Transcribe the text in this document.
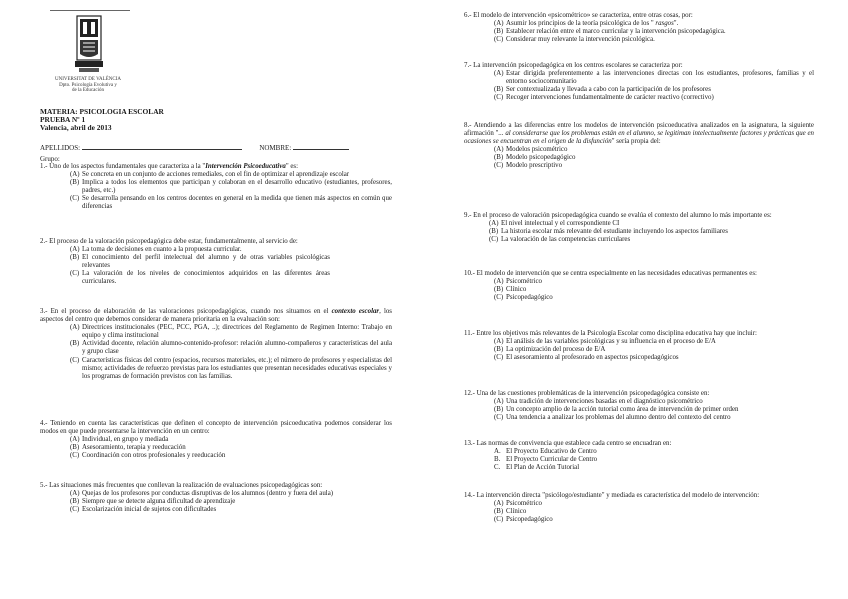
UNIVERSITAT DE VALÈNCIA
Dpto. Psicología Evolutiva y
de la Educación
MATERIA: PSICOLOGIA ESCOLAR
PRUEBA Nº 1
Valencia, abril de 2013
APELLIDOS:	NOMBRE:
Grupo:
1.- Uno de los aspectos fundamentales que caracteriza a la "Intervención Psicoeducativa" es:
(A) Se concreta en un conjunto de acciones remediales, con el fin de optimizar el aprendizaje escolar
(B) Implica a todos los elementos que participan y colaboran en el desarrollo educativo (estudiantes, profesores, padres, etc.)
(C) Se desarrolla pensando en los centros docentes en general en la medida que tienen más aspectos en común que diferencias
2.- El proceso de la valoración psicopedagógica debe estar, fundamentalmente, al servicio de:
(A) La toma de decisiones en cuanto a la propuesta curricular.
(B) El conocimiento del perfil intelectual del alumno y de otras variables psicológicas relevantes
(C) La valoración de los niveles de conocimientos adquiridos en las diferentes áreas curriculares.
3.- En el proceso de elaboración de las valoraciones psicopedagógicas, cuando nos situamos en el contexto escolar, los aspectos del centro que debemos considerar de manera prioritaria en la evaluación son:
(A) Directrices institucionales (PEC, PCC, PGA, ..); directrices del Reglamento de Regimen Interno: Trabajo en equipo y clima institucional
(B) Actividad docente, relación alumno-contenido-profesor: relación alumno-compañeros y características del aula y grupo clase
(C) Características físicas del centro (espacios, recursos materiales, etc.); el número de profesores y especialistas del mismo; actividades de refuerzo previstas para los estudiantes que presentan necesidades educativas especiales y los programas de formación previstos con las familias.
4.- Teniendo en cuenta las características que definen el concepto de intervención psicoeducativa podemos considerar los modos en que puede presentarse la intervención en un centro:
(A) Individual, en grupo y mediada
(B) Asesoramiento, terapia y reeducación
(C) Coordinación con otros profesionales y reeducación
5.- Las situaciones más frecuentes que conllevan la realización de evaluaciones psicopedagógicas son:
(A) Quejas de los profesores por conductas disruptivas de los alumnos (dentro y fuera del aula)
(B) Siempre que se detecte alguna dificultad de aprendizaje
(C) Escolarización inicial de sujetos con dificultades
6.- El modelo de intervención «psicométrico» se caracteriza, entre otras cosas, por:
(A) Asumir los principios de la teoría psicológica de los " rasgos".
(B) Establecer relación entre el marco curricular y la intervención psicopedagógica.
(C) Considerar muy relevante la intervención psicológica.
7.- La intervención psicopedagógica en los centros escolares se caracteriza por:
(A) Estar dirigida preferentemente a las intervenciones directas con los estudiantes, profesores, familias y el entorno sociocomunitario
(B) Ser contextualizada y llevada a cabo con la participación de los profesores
(C) Recoger intervenciones fundamentalmente de carácter reactivo (correctivo)
8.- Atendiendo a las diferencias entre los modelos de intervención psicoeducativa analizados en la asignatura, la siguiente afirmación "... al considerarse que los problemas están en el alumno, se legitiman intelectualmente factores y prácticas que en ocasiones se encuentran en el origen de la disfunción" sería propia del:
(A) Modelos psicométrico
(B) Modelo psicopedagógico
(C) Modelo prescriptivo
9.- En el proceso de valoración psicopedagógica cuando se evalúa el contexto del alumno lo más importante es:
(A) El nivel intelectual y el correspondiente CI
(B) La historia escolar más relevante del estudiante incluyendo los aspectos familiares
(C) La valoración de las competencias curriculares
10.- El modelo de intervención que se centra especialmente en las necesidades educativas permanentes es:
(A) Psicométrico
(B) Clínico
(C) Psicopedagógico
11.- Entre los objetivos más relevantes de la Psicología Escolar como disciplina educativa hay que incluir:
(A) El análisis de las variables psicológicas y su influencia en el proceso de E/A
(B) La optimización del proceso de E/A
(C) El asesoramiento al profesorado en aspectos psicopedagógicos
12.- Una de las cuestiones problemáticas de la intervención psicopedagógica consiste en:
(A) Una tradición de intervenciones basadas en el diagnóstico psicométrico
(B) Un concepto amplio de la acción tutorial como área de intervención de primer orden
(C) Una tendencia a analizar los problemas del alumno dentro del contexto del centro
13.- Las normas de convivencia que establece cada centro se encuadran en:
A. El Proyecto Educativo de Centro
B. El Proyecto Curricular de Centro
C. El Plan de Acción Tutorial
14.- La intervención directa "psicólogo/estudiante" y mediada es característica del modelo de intervención:
(A) Psicométrico
(B) Clínico
(C) Psicopedagógico
